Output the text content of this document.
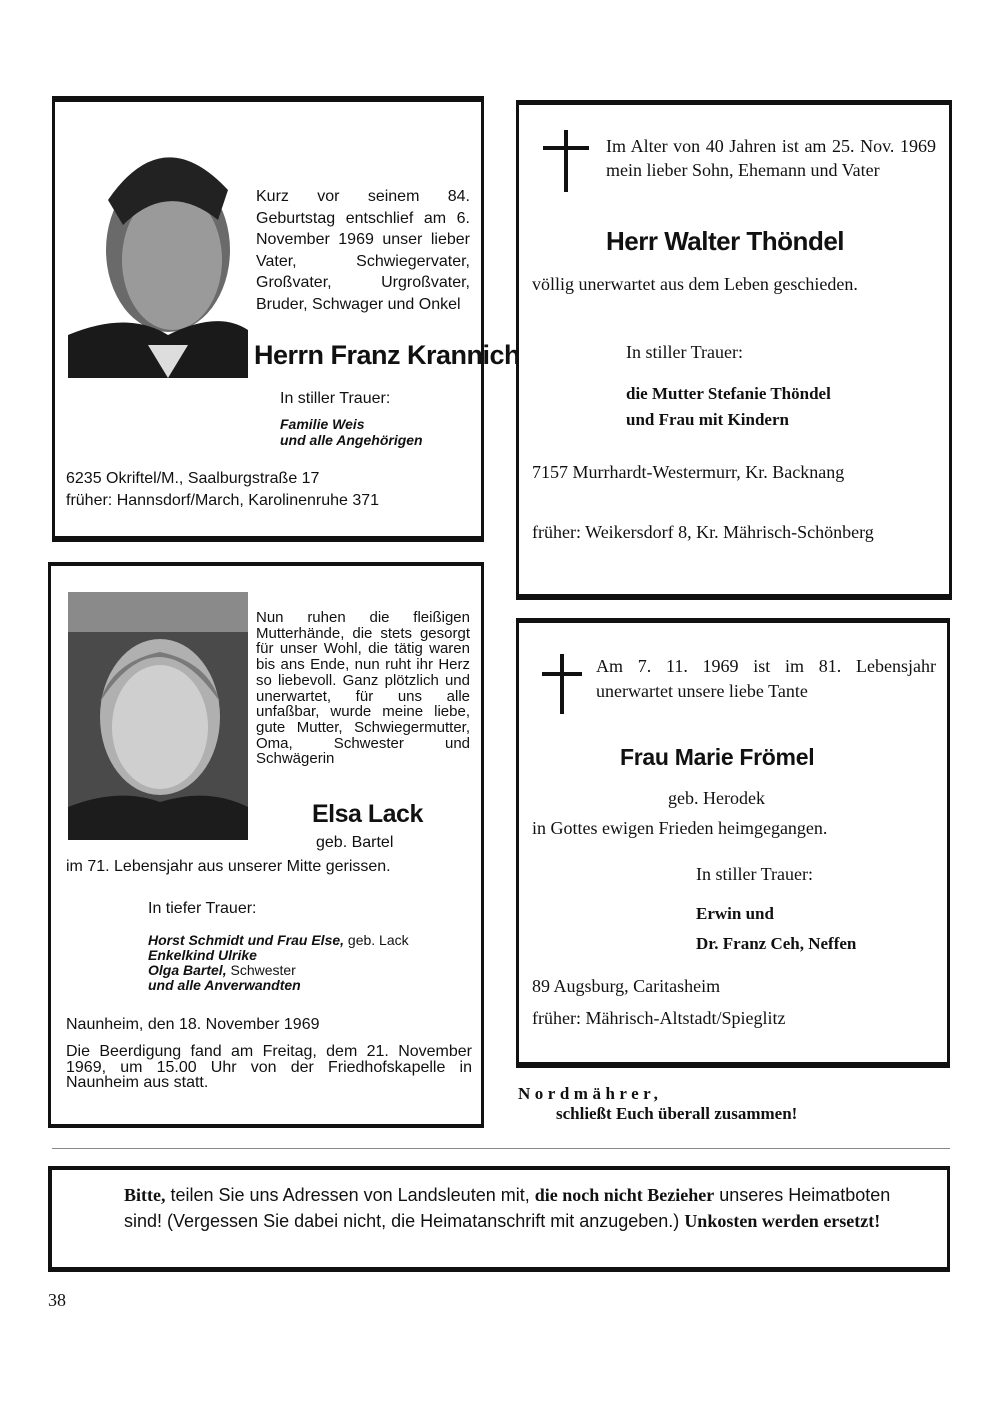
Kurz vor seinem 84. Geburtstag entschlief am 6. November 1969 unser lieber Vater, Schwiegervater, Großvater, Urgroßvater, Bruder, Schwager und Onkel
Herrn Franz Krannich
In stiller Trauer:
Familie Weis
und alle Angehörigen
6235 Okriftel/M., Saalburgstraße 17
früher: Hannsdorf/March, Karolinenruhe 371
Im Alter von 40 Jahren ist am 25. Nov. 1969 mein lieber Sohn, Ehemann und Vater
Herr Walter Thöndel
völlig unerwartet aus dem Leben geschieden.
In stiller Trauer:
die Mutter Stefanie Thöndel
und Frau mit Kindern
7157 Murrhardt-Westermurr, Kr. Backnang
früher: Weikersdorf 8, Kr. Mährisch-Schönberg
Nun ruhen die fleißigen Mutterhände, die stets gesorgt für unser Wohl, die tätig waren bis ans Ende, nun ruht ihr Herz so liebevoll. Ganz plötzlich und unerwartet, für uns alle unfaßbar, wurde meine liebe, gute Mutter, Schwiegermutter, Oma, Schwester und Schwägerin
Elsa Lack
geb. Bartel
im 71. Lebensjahr aus unserer Mitte gerissen.
In tiefer Trauer:
Horst Schmidt und Frau Else, geb. Lack
Enkelkind Ulrike
Olga Bartel, Schwester
und alle Anverwandten
Naunheim, den 18. November 1969
Die Beerdigung fand am Freitag, dem 21. November 1969, um 15.00 Uhr von der Friedhofskapelle in Naunheim aus statt.
Am 7. 11. 1969 ist im 81. Lebensjahr unerwartet unsere liebe Tante
Frau Marie Frömel
geb. Herodek
in Gottes ewigen Frieden heimgegangen.
In stiller Trauer:
Erwin und
Dr. Franz Ceh, Neffen
89 Augsburg, Caritasheim
früher: Mährisch-Altstadt/Spieglitz
Nordmährer,
schließt Euch überall zusammen!
Bitte, teilen Sie uns Adressen von Landsleuten mit, die noch nicht Bezieher unseres Heimatboten sind! (Vergessen Sie dabei nicht, die Heimatanschrift mit anzugeben.) Unkosten werden ersetzt!
38
